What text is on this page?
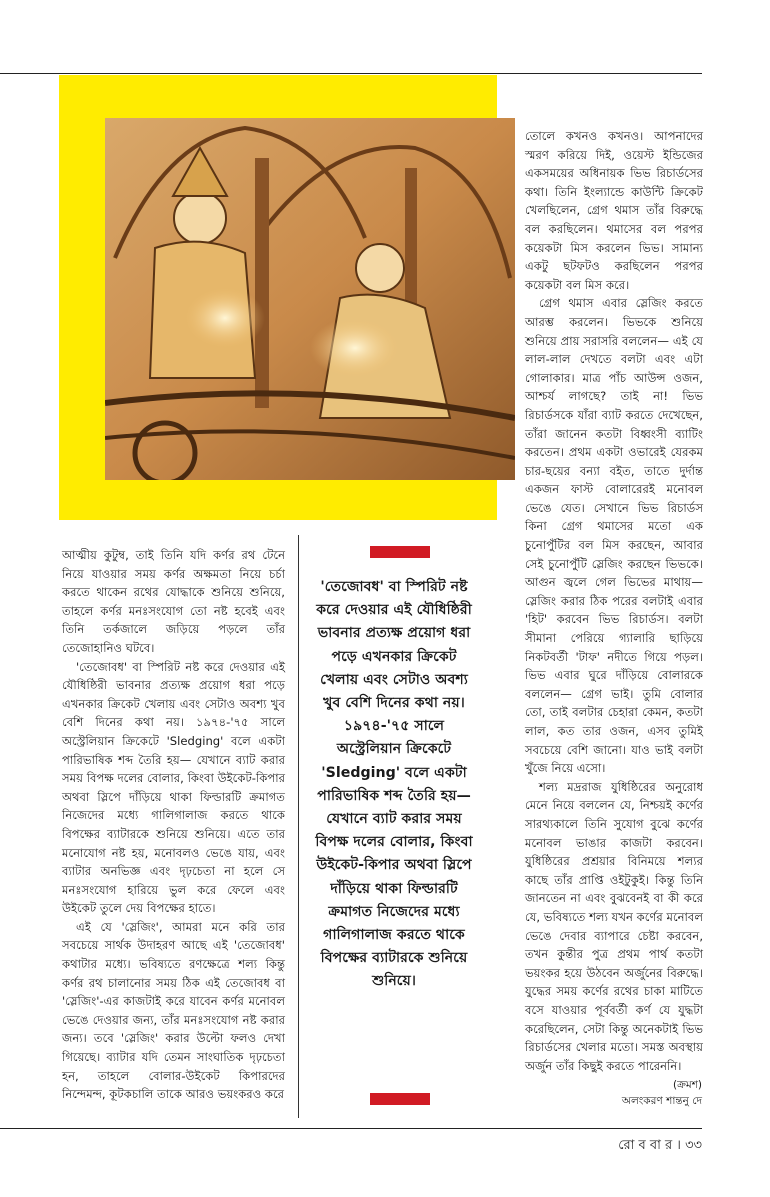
তোলে কখনও কখনও। আপনাদের স্মরণ করিয়ে দিই, ওয়েস্ট ইন্ডিজের একসময়ের অধিনায়ক ভিভ রিচার্ডসের কথা। তিনি ইংল্যান্ডে কাউন্টি ক্রিকেট খেলছিলেন, গ্রেগ থমাস তাঁর বিরুদ্ধে বল করছিলেন। থমাসের বল পরপর কয়েকটা মিস করলেন ভিভ। সামান্য একটু ছটফটও করছিলেন পরপর কয়েকটা বল মিস করে।

গ্রেগ থমাস এবার স্লেজিং করতে আরম্ভ করলেন। ভিভকে শুনিয়ে শুনিয়ে প্রায় সরাসরি বললেন— এই যে লাল-লাল দেখতে বলটা এবং এটা গোলাকার। মাত্র পাঁচ আউন্স ওজন, আশ্চর্য লাগছে? তাই না! ভিভ রিচার্ডসকে যাঁরা ব্যাট করতে দেখেছেন, তাঁরা জানেন কতটা বিধ্বংসী ব্যাটিং করতেন। প্রথম একটা ওভারেই যেরকম চার-ছয়ের বন্যা বইত, তাতে দুর্দান্ত একজন ফাস্ট বোলারেরই মনোবল ভেঙে যেত। সেখানে ভিভ রিচার্ডস কিনা গ্রেগ থমাসের মতো এক চুনোপুঁটির বল মিস করছেন, আবার সেই চুনোপুঁটি স্লেজিং করছেন ভিভকে। আগুন জ্বলে গেল ভিভের মাথায়— স্লেজিং করার ঠিক পরের বলটাই এবার 'হিট' করবেন ভিভ রিচার্ডস। বলটা সীমানা পেরিয়ে গ্যালারি ছাড়িয়ে নিকটবর্তী 'টাফ' নদীতে গিয়ে পড়ল। ভিভ এবার ঘুরে দাঁড়িয়ে বোলারকে বললেন— গ্রেগ ভাই। তুমি বোলার তো, তাই বলটার চেহারা কেমন, কতটা লাল, কত তার ওজন, এসব তুমিই সবচেয়ে বেশি জানো। যাও ভাই বলটা খুঁজে নিয়ে এসো।

শল্য মদ্ররাজ যুধিষ্ঠিরের অনুরোধ মেনে নিয়ে বললেন যে, নিশ্চয়ই কর্ণের সারথ্যকালে তিনি সুযোগ বুঝে কর্ণের মনোবল ভাঙার কাজটা করবেন। যুধিষ্ঠিরের প্রশ্রয়ার বিনিময়ে শল্যর কাছে তাঁর প্রাপ্তি ওইটুকুই। কিন্তু তিনি জানতেন না এবং বুঝবেনই বা কী করে যে, ভবিষ্যতে শল্য যখন কর্ণের মনোবল ভেঙে দেবার ব্যাপারে চেষ্টা করবেন, তখন কুন্তীর পুত্র প্রথম পার্থ কতটা ভয়ংকর হয়ে উঠবেন অর্জুনের বিরুদ্ধে। যুদ্ধের সময় কর্ণের রথের চাকা মাটিতে বসে যাওয়ার পূর্ববর্তী কর্ণ যে যুদ্ধটা করেছিলেন, সেটা কিন্তু অনেকটাই ভিভ রিচার্ডসের খেলার মতো। সমস্ত অবস্থায় অর্জুন তাঁর কিছুই করতে পারেননি।

আত্মীয় কুটুম্ব, তাই তিনি যদি কর্ণর রথ টেনে নিয়ে যাওয়ার সময় কর্ণর অক্ষমতা নিয়ে চর্চা করতে থাকেন রথের যোদ্ধাকে শুনিয়ে শুনিয়ে, তাহলে কর্ণর মনঃসংযোগ তো নষ্ট হবেই এবং তিনি তর্কজালে জড়িয়ে পড়লে তাঁর তেজোহানিও ঘটবে।

'তেজোবধ' বা স্পিরিট নষ্ট করে দেওয়ার এই যৌধিষ্ঠিরী ভাবনার প্রত্যক্ষ প্রয়োগ ধরা পড়ে এখনকার ক্রিকেট খেলায় এবং সেটাও অবশ্য খুব বেশি দিনের কথা নয়। ১৯৭৪-'৭৫ সালে অস্ট্রেলিয়ান ক্রিকেটে 'Sledging' বলে একটা পারিভাষিক শব্দ তৈরি হয়— যেখানে ব্যাট করার সময় বিপক্ষ দলের বোলার, কিংবা উইকেট-কিপার অথবা স্লিপে দাঁড়িয়ে থাকা ফিল্ডারটি ক্রমাগত নিজেদের মধ্যে গালিগালাজ করতে থাকে বিপক্ষের ব্যাটারকে শুনিয়ে শুনিয়ে। এতে তার মনোযোগ নষ্ট হয়, মনোবলও ভেঙে যায়, এবং ব্যাটার অনভিজ্ঞ এবং দৃঢ়চেতা না হলে সে মনঃসংযোগ হারিয়ে ভুল করে ফেলে এবং উইকেট তুলে দেয় বিপক্ষের হাতে।

এই যে 'স্লেজিং', আমরা মনে করি তার সবচেয়ে সার্থক উদাহরণ আছে এই 'তেজোবধ' কথাটার মধ্যে। ভবিষ্যতে রণক্ষেত্রে শল্য কিন্তু কর্ণর রথ চালানোর সময় ঠিক এই তেজোবধ বা 'স্লেজিং'-এর কাজটাই করে যাবেন কর্ণর মনোবল ভেঙে দেওয়ার জন্য, তাঁর মনঃসংযোগ নষ্ট করার জন্য। তবে 'স্লেজিং' করার উল্টো ফলও দেখা গিয়েছে। ব্যাটার যদি তেমন সাংঘাতিক দৃঢ়চেতা হন, তাহলে বোলার-উইকেট কিপারদের নিন্দেমন্দ, কূটকচালি তাকে আরও ভয়ংকরও করে

'তেজোবধ' বা স্পিরিট নষ্ট করে দেওয়ার এই যৌধিষ্ঠিরী ভাবনার প্রত্যক্ষ প্রয়োগ ধরা পড়ে এখনকার ক্রিকেট খেলায় এবং সেটাও অবশ্য খুব বেশি দিনের কথা নয়। ১৯৭৪-'৭৫ সালে অস্ট্রেলিয়ান ক্রিকেটে 'Sledging' বলে একটা পারিভাষিক শব্দ তৈরি হয়— যেখানে ব্যাট করার সময় বিপক্ষ দলের বোলার, কিংবা উইকেট-কিপার অথবা স্লিপে দাঁড়িয়ে থাকা ফিল্ডারটি ক্রমাগত নিজেদের মধ্যে গালিগালাজ করতে থাকে বিপক্ষের ব্যাটারকে শুনিয়ে শুনিয়ে।
(ক্রমশ)
অলংকরণ শান্তনু দে
রো ব বা র । ৩৩
